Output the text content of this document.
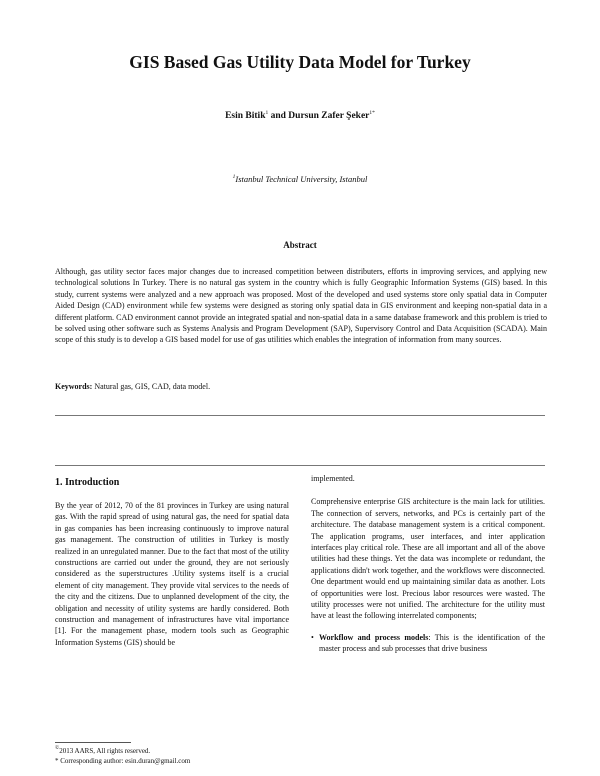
GIS Based Gas Utility Data Model for Turkey
Esin Bitik$^1$ and Dursun Zafer Şeker$^{1*}$
$^1$Istanbul Technical University, Istanbul
Abstract
Although, gas utility sector faces major changes due to increased competition between distributers, efforts in improving services, and applying new technological solutions In Turkey. There is no natural gas system in the country which is fully Geographic Information Systems (GIS) based. In this study, current systems were analyzed and a new approach was proposed. Most of the developed and used systems store only spatial data in Computer Aided Design (CAD) environment while few systems were designed as storing only spatial data in GIS environment and keeping non-spatial data in a different platform. CAD environment cannot provide an integrated spatial and non-spatial data in a same database framework and this problem is tried to be solved using other software such as Systems Analysis and Program Development (SAP), Supervisory Control and Data Acquisition (SCADA). Main scope of this study is to develop a GIS based model for use of gas utilities which enables the integration of information from many sources.
Keywords: Natural gas, GIS, CAD, data model.
1. Introduction

By the year of 2012, 70 of the 81 provinces in Turkey are using natural gas. With the rapid spread of using natural gas, the need for spatial data in gas companies has been increasing continuously to improve natural gas management. The construction of utilities in Turkey is mostly realized in an unregulated manner. Due to the fact that most of the utility constructions are carried out under the ground, they are not seriously considered as the superstructures .Utility systems itself is a crucial element of city management. They provide vital services to the needs of the city and the citizens. Due to unplanned development of the city, the obligation and necessity of utility systems are hardly considered. Both construction and management of infrastructures have vital importance [1]. For the management phase, modern tools such as Geographic Information Systems (GIS) should be

implemented.

Comprehensive enterprise GIS architecture is the main lack for utilities. The connection of servers, networks, and PCs is certainly part of the architecture. The database management system is a critical component. The application programs, user interfaces, and inter application interfaces play critical role. These are all important and all of the above utilities had these things. Yet the data was incomplete or redundant, the applications didn't work together, and the workflows were disconnected. One department would end up maintaining similar data as another. Lots of opportunities were lost. Precious labor resources were wasted. The utility processes were not unified. The architecture for the utility must have at least the following interrelated components;

• Workflow and process models: This is the identification of the master process and sub processes that drive business
©2013 AARS, All rights reserved.
* Corresponding author: esin.duran@gmail.com
